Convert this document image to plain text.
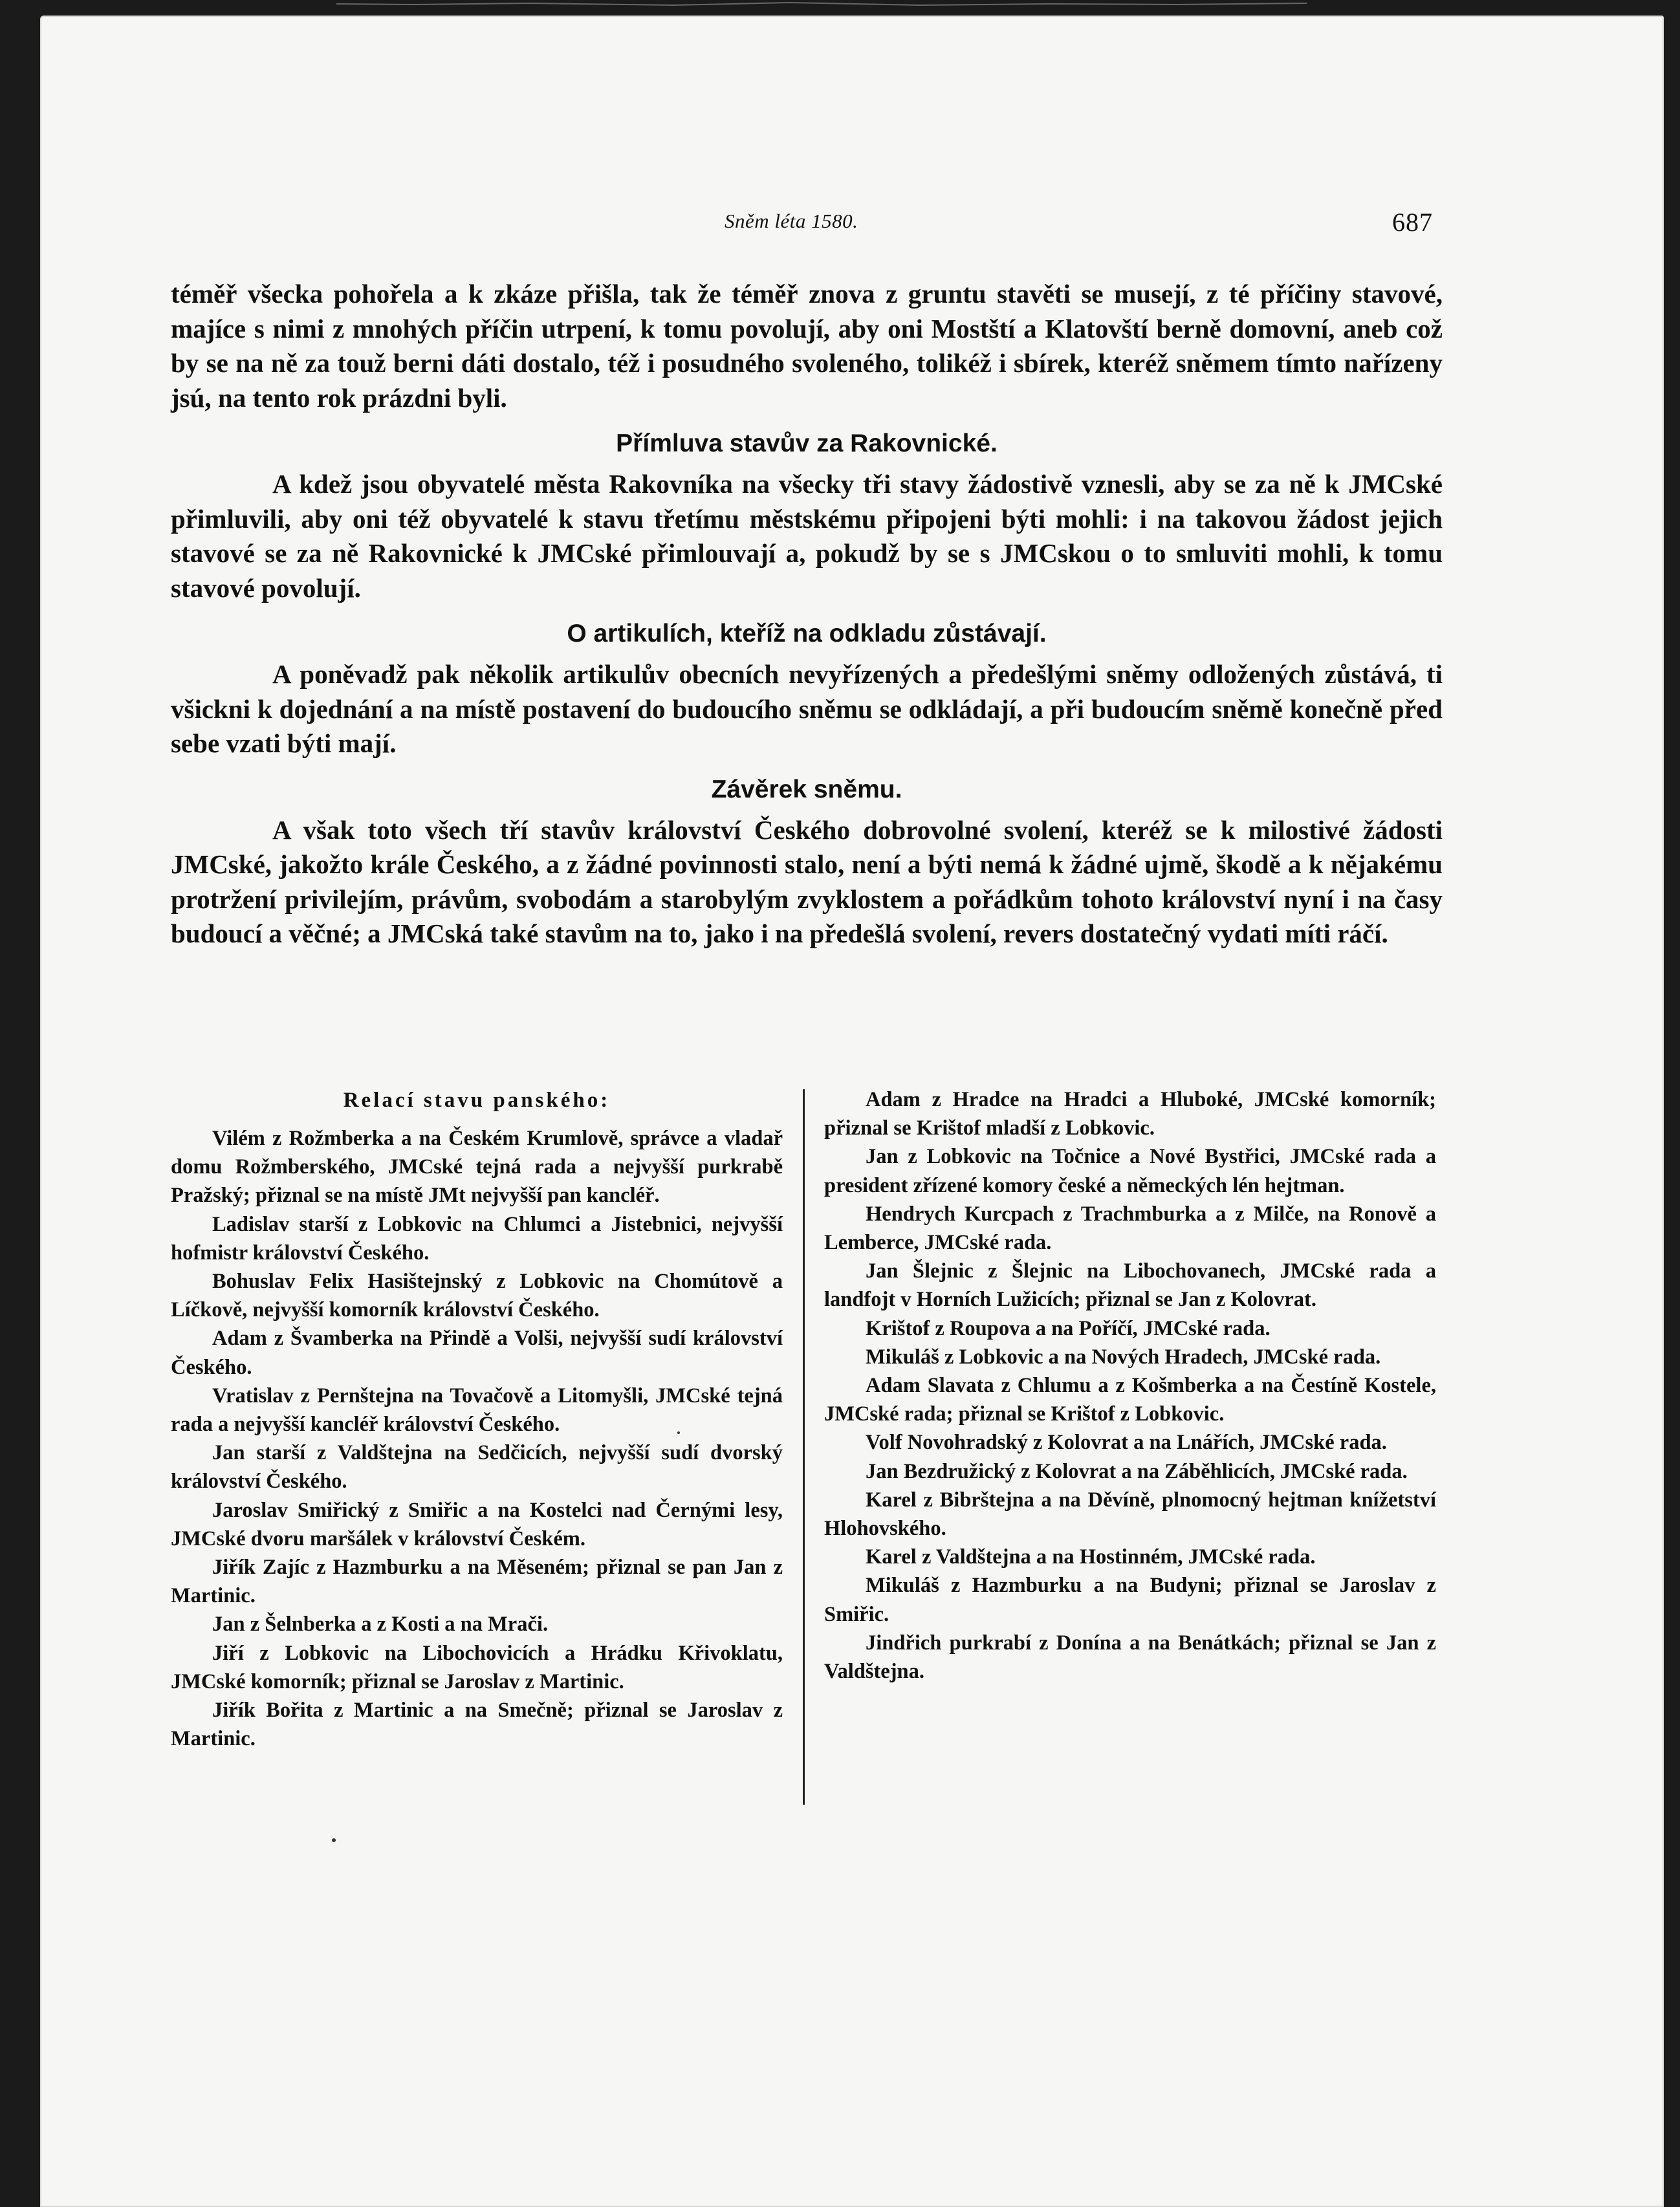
Sněm léta 1580.	687

téměř všecka pohořela a k zkáze přišla, tak že téměř znova z gruntu stavěti se musejí, z té příčiny stavové, majíce s nimi z mnohých příčin utrpení, k tomu povolují, aby oni Mostští a Klatovští berně domovní, aneb což by se na ně za touž berni dáti dostalo, též i posudného svoleného, tolikéž i sbírek, kteréž sněmem tímto nařízeny jsú, na tento rok prázdni byli.

Přímluva stavův za Rakovnické.

A kdež jsou obyvatelé města Rakovníka na všecky tři stavy žádostivě vznesli, aby se za ně k JMCské přimluvili, aby oni též obyvatelé k stavu třetímu městskému připojeni býti mohli: i na takovou žádost jejich stavové se za ně Rakovnické k JMCské přimlouvají a, pokudž by se s JMCskou o to smluviti mohli, k tomu stavové povolují.

O artikulích, kteříž na odkladu zůstávají.

A poněvadž pak několik artikulův obecních nevyřízených a předešlými sněmy odložených zůstává, ti všickni k dojednání a na místě postavení do budoucího sněmu se odkládají, a při budoucím sněmě konečně před sebe vzati býti mají.

Závěrek sněmu.

A však toto všech tří stavův království Českého dobrovolné svolení, kteréž se k milostivé žádosti JMCské, jakožto krále Českého, a z žádné povinnosti stalo, není a býti nemá k žádné ujmě, škodě a k nějakému protržení privilejím, právům, svobodám a starobylým zvyklostem a pořádkům tohoto království nyní i na časy budoucí a věčné; a JMCská také stavům na to, jako i na předešlá svolení, revers dostatečný vydati míti ráčí.

Relací stavu panského:

Vilém z Rožmberka a na Českém Krumlově, správce a vladař domu Rožmberského, JMCské tejná rada a nejvyšší purkrabě Pražský; přiznal se na místě JMt nejvyšší pan kancléř.

Ladislav starší z Lobkovic na Chlumci a Jistebnici, nejvyšší hofmistr království Českého.

Bohuslav Felix Hasištejnský z Lobkovic na Chomútově a Líčkově, nejvyšší komorník království Českého.

Adam z Švamberka na Přindě a Volši, nejvyšší sudí království Českého.

Vratislav z Pernštejna na Tovačově a Litomyšli, JMCské tejná rada a nejvyšší kancléř království Českého.

Jan starší z Valdštejna na Sedčicích, nejvyšší sudí dvorský království Českého.

Jaroslav Smiřický z Smiřic a na Kostelci nad Černými lesy, JMCské dvoru maršálek v království Českém.

Jiřík Zajíc z Hazmburku a na Měseném; přiznal se pan Jan z Martinic.

Jan z Šelnberka a z Kosti a na Mrači.

Jiří z Lobkovic na Libochovicích a Hrádku Křivoklatu, JMCské komorník; přiznal se Jaroslav z Martinic.

Jiřík Bořita z Martinic a na Smečně; přiznal se Jaroslav z Martinic.

Adam z Hradce na Hradci a Hluboké, JMCské komorník; přiznal se Krištof mladší z Lobkovic.

Jan z Lobkovic na Točnice a Nové Bystřici, JMCské rada a president zřízené komory české a německých lén hejtman.

Hendrych Kurcpach z Trachmburka a z Milče, na Ronově a Lemberce, JMCské rada.

Jan Šlejnic z Šlejnic na Libochovanech, JMCské rada a landfojt v Horních Lužicích; přiznal se Jan z Kolovrat.

Krištof z Roupova a na Poříčí, JMCské rada.

Mikuláš z Lobkovic a na Nových Hradech, JMCské rada.

Adam Slavata z Chlumu a z Košmberka a na Čestíně Kostele, JMCské rada; přiznal se Krištof z Lobkovic.

Volf Novohradský z Kolovrat a na Lnářích, JMCské rada.

Jan Bezdružický z Kolovrat a na Záběhlicích, JMCské rada.

Karel z Bibrštejna a na Děvíně, plnomocný hejtman knížetství Hlohovského.

Karel z Valdštejna a na Hostinném, JMCské rada.

Mikuláš z Hazmburku a na Budyni; přiznal se Jaroslav z Smiřic.

Jindřich purkrabí z Donína a na Benátkách; přiznal se Jan z Valdštejna.
